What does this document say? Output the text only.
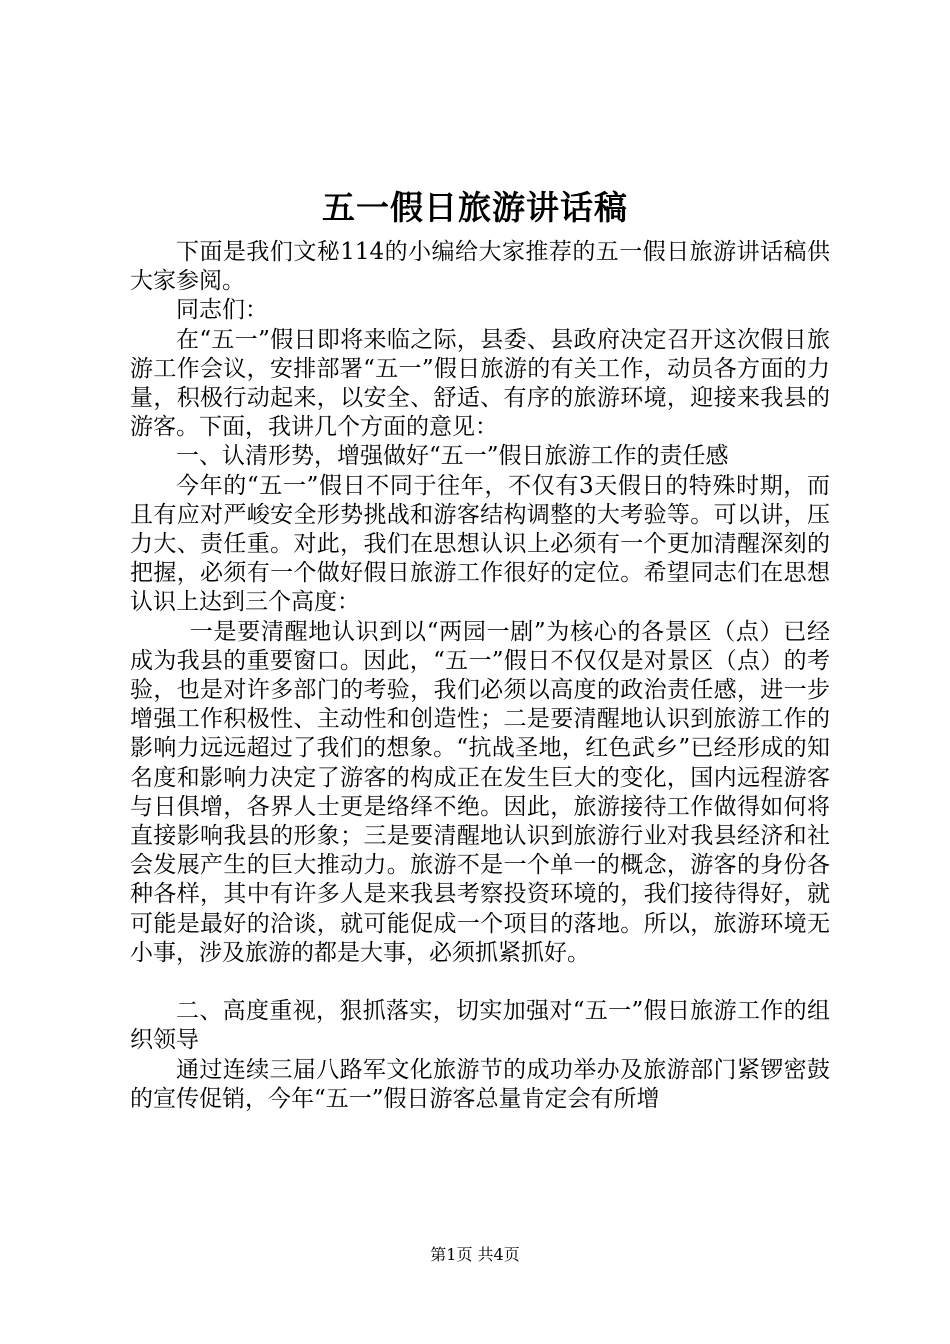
五一假日旅游讲话稿

下面是我们文秘114的小编给大家推荐的五一假日旅游讲话稿供大家参阅。

同志们：

在“五一”假日即将来临之际，县委、县政府决定召开这次假日旅游工作会议，安排部署“五一”假日旅游的有关工作，动员各方面的力量，积极行动起来，以安全、舒适、有序的旅游环境，迎接来我县的游客。下面，我讲几个方面的意见：

一、认清形势，增强做好“五一”假日旅游工作的责任感

今年的“五一”假日不同于往年，不仅有3天假日的特殊时期，而且有应对严峻安全形势挑战和游客结构调整的大考验等。可以讲，压力大、责任重。对此，我们在思想认识上必须有一个更加清醒深刻的把握，必须有一个做好假日旅游工作很好的定位。希望同志们在思想认识上达到三个高度：

一是要清醒地认识到以“两园一剧”为核心的各景区（点）已经成为我县的重要窗口。因此，“五一”假日不仅仅是对景区（点）的考验，也是对许多部门的考验，我们必须以高度的政治责任感，进一步增强工作积极性、主动性和创造性；二是要清醒地认识到旅游工作的影响力远远超过了我们的想象。“抗战圣地，红色武乡”已经形成的知名度和影响力决定了游客的构成正在发生巨大的变化，国内远程游客与日俱增，各界人士更是络绎不绝。因此，旅游接待工作做得如何将直接影响我县的形象；三是要清醒地认识到旅游行业对我县经济和社会发展产生的巨大推动力。旅游不是一个单一的概念，游客的身份各种各样，其中有许多人是来我县考察投资环境的，我们接待得好，就可能是最好的洽谈，就可能促成一个项目的落地。所以，旅游环境无小事，涉及旅游的都是大事，必须抓紧抓好。

二、高度重视，狠抓落实，切实加强对“五一”假日旅游工作的组织领导

通过连续三届八路军文化旅游节的成功举办及旅游部门紧锣密鼓的宣传促销，今年“五一”假日游客总量肯定会有所增

第1页 共4页
